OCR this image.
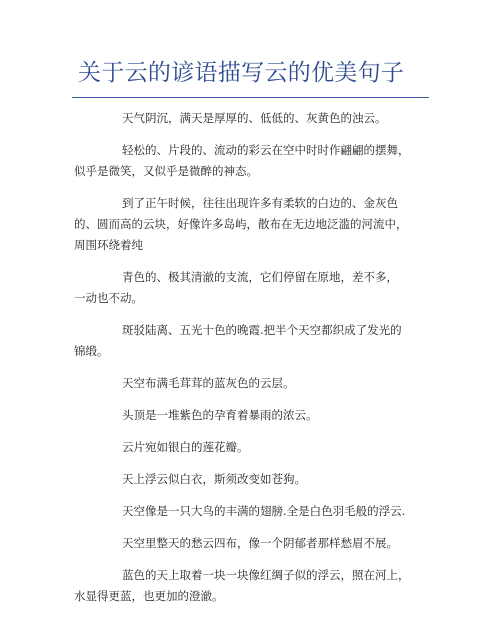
关于云的谚语描写云的优美句子
天气阴沉，满天是厚厚的、低低的、灰黄色的浊云。
轻松的、片段的、流动的彩云在空中时时作翩翩的摆舞，
似乎是微笑，又似乎是微醉的神态。
到了正午时候，往往出现许多有柔软的白边的、金灰色
的、圆而高的云块，好像许多岛屿，散布在无边地泛滥的河流中，
周围环绕着纯
青色的、极其清澈的支流，它们停留在原地，差不多，
一动也不动。
斑驳陆离、五光十色的晚霞.把半个天空都织成了发光的
锦缎。
天空布满毛茸茸的蓝灰色的云层。
头顶是一堆紫色的孕育着暴雨的浓云。
云片宛如银白的莲花瓣。
天上浮云似白衣，斯须改变如苍狗。
天空像是一只大鸟的丰满的翅膀.全是白色羽毛般的浮云.
天空里整天的愁云四布，像一个阴郁者那样愁眉不展。
蓝色的天上取着一块一块像红绸子似的浮云，照在河上，
水显得更蓝，也更加的澄澈。
